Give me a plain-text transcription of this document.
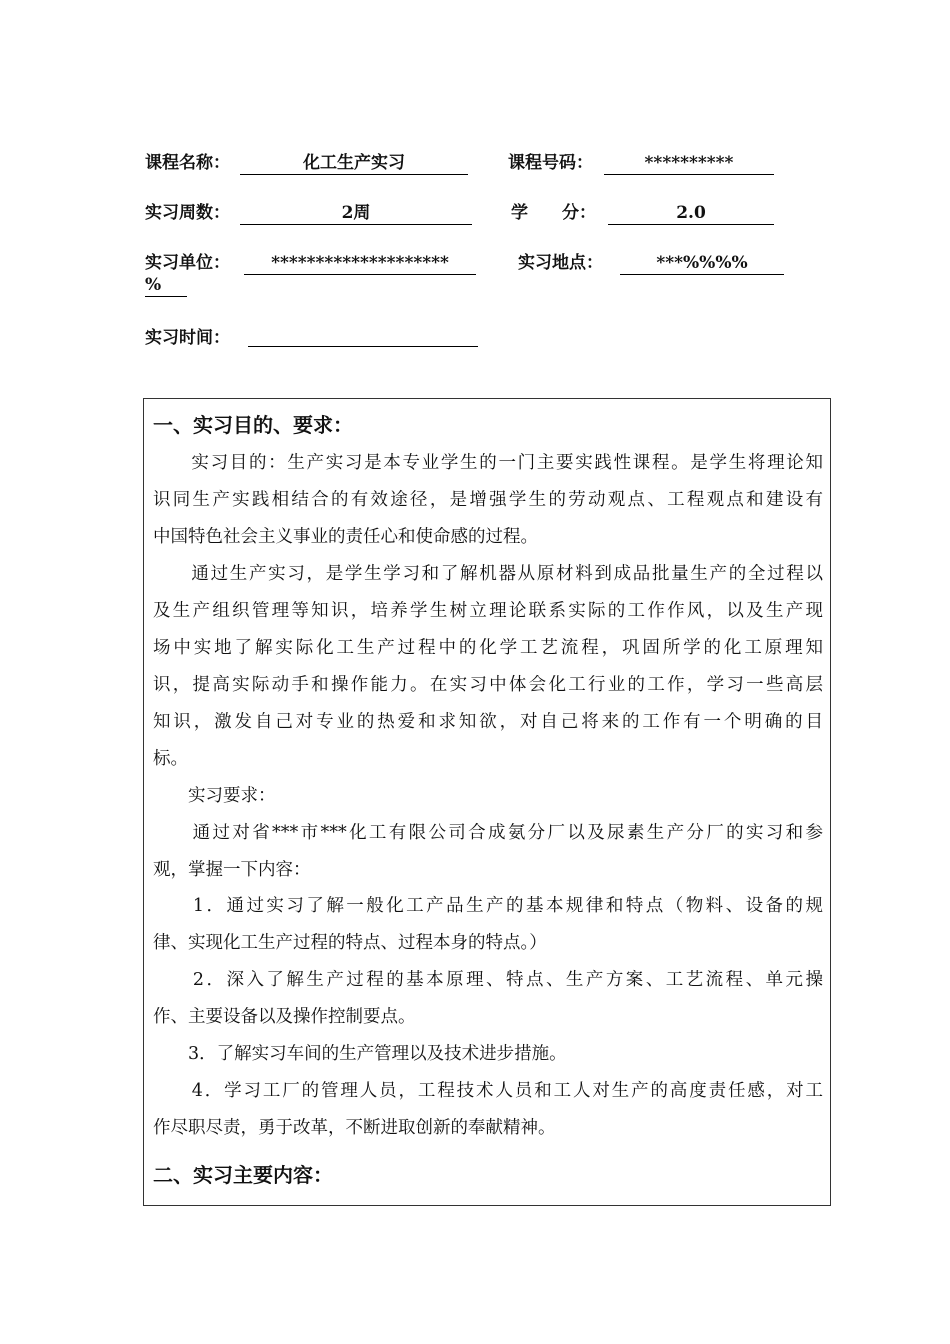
课程名称：	化工生产实习	课程号码：	**********
实习周数：	2周	学　　分：	2.0
实习单位：	********************	实习地点：	***%%%%
%
实习时间：
一、实习目的、要求：
　　实习目的：生产实习是本专业学生的一门主要实践性课程。是学生将理论知
识同生产实践相结合的有效途径，是增强学生的劳动观点、工程观点和建设有
中国特色社会主义事业的责任心和使命感的过程。
　　通过生产实习，是学生学习和了解机器从原材料到成品批量生产的全过程以
及生产组织管理等知识，培养学生树立理论联系实际的工作作风，以及生产现
场中实地了解实际化工生产过程中的化学工艺流程，巩固所学的化工原理知
识，提高实际动手和操作能力。在实习中体会化工行业的工作，学习一些高层
知识，激发自己对专业的热爱和求知欲，对自己将来的工作有一个明确的目
标。
　　实习要求：
　　通过对省***市***化工有限公司合成氨分厂以及尿素生产分厂的实习和参
观，掌握一下内容：
　　1．通过实习了解一般化工产品生产的基本规律和特点（物料、设备的规
律、实现化工生产过程的特点、过程本身的特点。）
　　2．深入了解生产过程的基本原理、特点、生产方案、工艺流程、单元操
作、主要设备以及操作控制要点。
　　3．了解实习车间的生产管理以及技术进步措施。
　　4．学习工厂的管理人员，工程技术人员和工人对生产的高度责任感，对工
作尽职尽责，勇于改革，不断进取创新的奉献精神。
二、实习主要内容：
